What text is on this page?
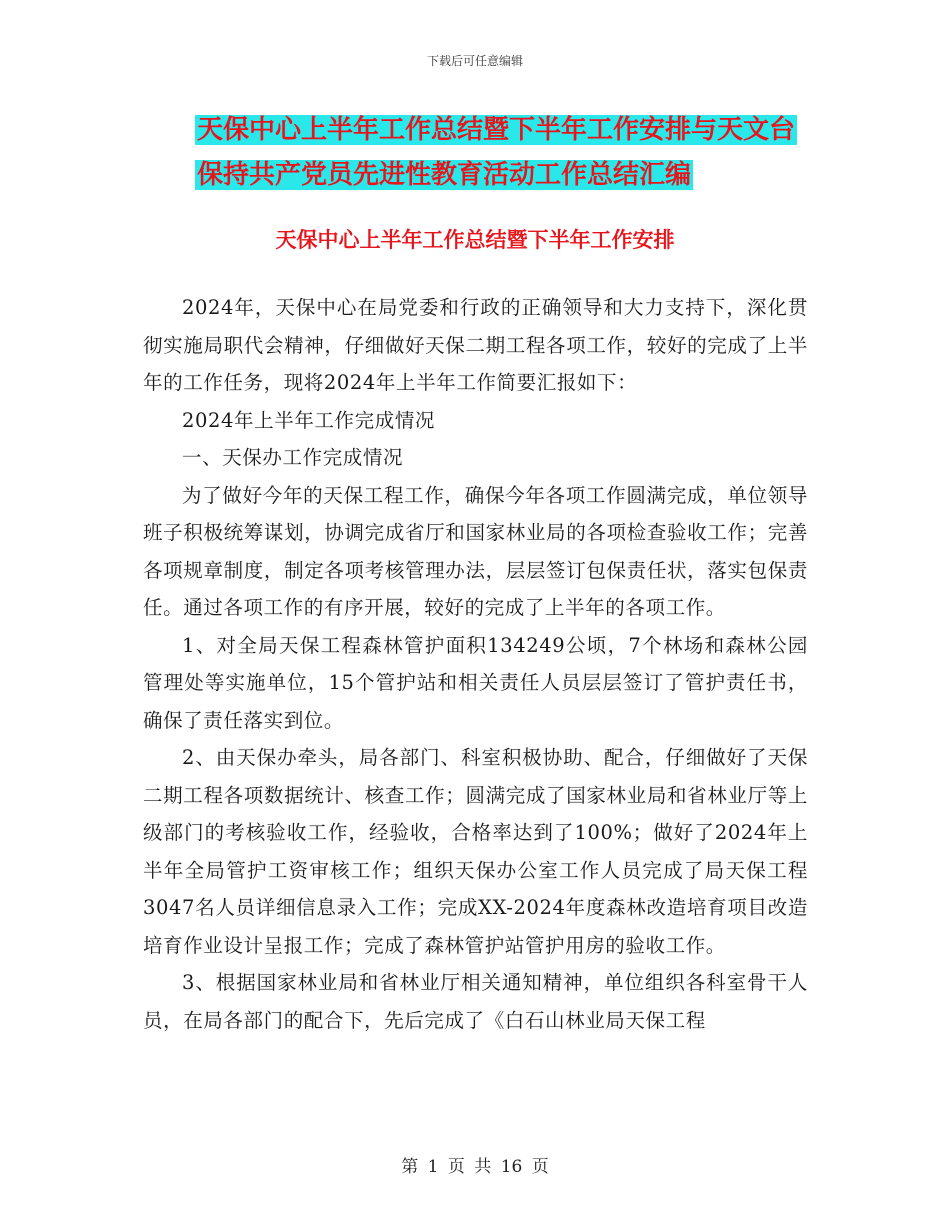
下载后可任意编辑
天保中心上半年工作总结暨下半年工作安排与天文台
保持共产党员先进性教育活动工作总结汇编
天保中心上半年工作总结暨下半年工作安排

2024年，天保中心在局党委和行政的正确领导和大力支持下，深化贯彻实施局职代会精神，仔细做好天保二期工程各项工作，较好的完成了上半年的工作任务，现将2024年上半年工作简要汇报如下：

2024年上半年工作完成情况

一、天保办工作完成情况

为了做好今年的天保工程工作，确保今年各项工作圆满完成，单位领导班子积极统筹谋划，协调完成省厅和国家林业局的各项检查验收工作；完善各项规章制度，制定各项考核管理办法，层层签订包保责任状，落实包保责任。通过各项工作的有序开展，较好的完成了上半年的各项工作。

1、对全局天保工程森林管护面积134249公顷，7个林场和森林公园管理处等实施单位，15个管护站和相关责任人员层层签订了管护责任书，确保了责任落实到位。

2、由天保办牵头，局各部门、科室积极协助、配合，仔细做好了天保二期工程各项数据统计、核查工作；圆满完成了国家林业局和省林业厅等上级部门的考核验收工作，经验收，合格率达到了100%；做好了2024年上半年全局管护工资审核工作；组织天保办公室工作人员完成了局天保工程3047名人员详细信息录入工作；完成XX-2024年度森林改造培育项目改造培育作业设计呈报工作；完成了森林管护站管护用房的验收工作。

3、根据国家林业局和省林业厅相关通知精神，单位组织各科室骨干人员，在局各部门的配合下，先后完成了《白石山林业局天保工程

第 1 页 共 16 页
